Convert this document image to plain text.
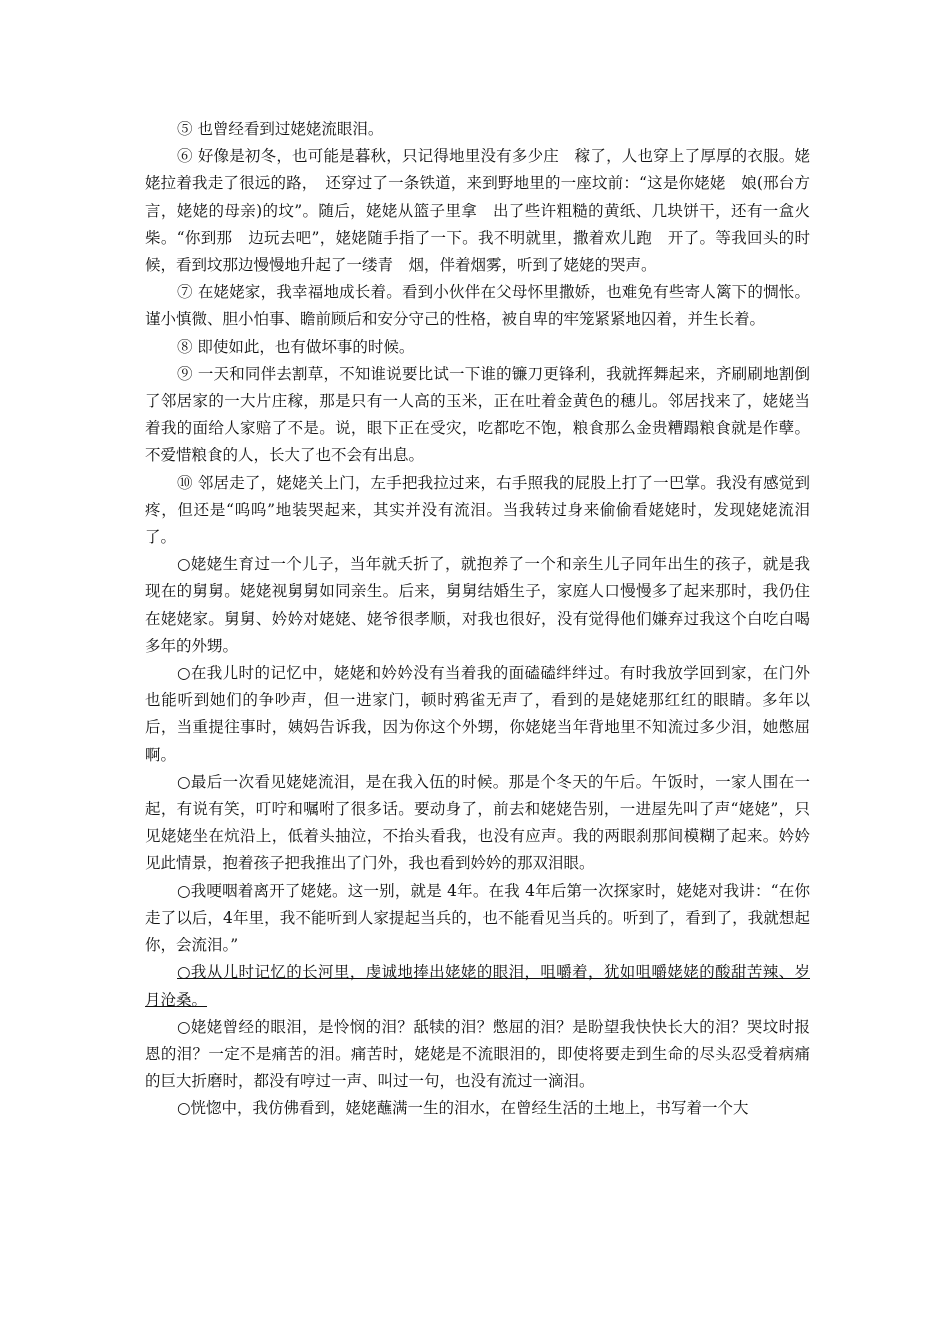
⑤ 也曾经看到过姥姥流眼泪。

⑥ 好像是初冬，也可能是暮秋，只记得地里没有多少庄　稼了，人也穿上了厚厚的衣服。姥姥拉着我走了很远的路，　还穿过了一条铁道，来到野地里的一座坟前：“这是你姥姥　娘(邢台方言，姥姥的母亲)的坟”。随后，姥姥从篮子里拿　出了些许粗糙的黄纸、几块饼干，还有一盒火柴。“你到那　边玩去吧”，姥姥随手指了一下。我不明就里，撒着欢儿跑　开了。等我回头的时候，看到坟那边慢慢地升起了一缕青　烟，伴着烟雾，听到了姥姥的哭声。

⑦ 在姥姥家，我幸福地成长着。看到小伙伴在父母怀里撒娇，也难免有些寄人篱下的惆怅。谨小慎微、胆小怕事、瞻前顾后和安分守己的性格，被自卑的牢笼紧紧地囚着，并生长着。

⑧ 即使如此，也有做坏事的时候。

⑨ 一天和同伴去割草，不知谁说要比试一下谁的镰刀更锋利，我就挥舞起来，齐刷刷地割倒了邻居家的一大片庄稼，那是只有一人高的玉米，正在吐着金黄色的穗儿。邻居找来了，姥姥当着我的面给人家赔了不是。说，眼下正在受灾，吃都吃不饱，粮食那么金贵糟蹋粮食就是作孽。不爱惜粮食的人，长大了也不会有出息。

⑩ 邻居走了，姥姥关上门，左手把我拉过来，右手照我的屁股上打了一巴掌。我没有感觉到疼，但还是“呜呜”地装哭起来，其实并没有流泪。当我转过身来偷偷看姥姥时，发现姥姥流泪了。

○姥姥生育过一个儿子，当年就夭折了，就抱养了一个和亲生儿子同年出生的孩子，就是我现在的舅舅。姥姥视舅舅如同亲生。后来，舅舅结婚生子，家庭人口慢慢多了起来那时，我仍住在姥姥家。舅舅、妗妗对姥姥、姥爷很孝顺，对我也很好，没有觉得他们嫌弃过我这个白吃白喝多年的外甥。

○在我儿时的记忆中，姥姥和妗妗没有当着我的面磕磕绊绊过。有时我放学回到家，在门外也能听到她们的争吵声，但一进家门，顿时鸦雀无声了，看到的是姥姥那红红的眼睛。多年以后，当重提往事时，姨妈告诉我，因为你这个外甥，你姥姥当年背地里不知流过多少泪，她憋屈啊。

○最后一次看见姥姥流泪，是在我入伍的时候。那是个冬天的午后。午饭时，一家人围在一起，有说有笑，叮咛和嘱咐了很多话。要动身了，前去和姥姥告别，一进屋先叫了声“姥姥”，只见姥姥坐在炕沿上，低着头抽泣，不抬头看我，也没有应声。我的两眼刹那间模糊了起来。妗妗见此情景，抱着孩子把我推出了门外，我也看到妗妗的那双泪眼。

○我哽咽着离开了姥姥。这一别，就是 4年。在我 4年后第一次探家时，姥姥对我讲：“在你走了以后，4年里，我不能听到人家提起当兵的，也不能看见当兵的。听到了，看到了，我就想起你，会流泪。”

○我从儿时记忆的长河里，虔诚地捧出姥姥的眼泪，咀嚼着，犹如咀嚼姥姥的酸甜苦辣、岁月沧桑。

○姥姥曾经的眼泪，是怜悯的泪？舐犊的泪？憋屈的泪？是盼望我快快长大的泪？哭坟时报恩的泪？一定不是痛苦的泪。痛苦时，姥姥是不流眼泪的，即使将要走到生命的尽头忍受着病痛的巨大折磨时，都没有哼过一声、叫过一句，也没有流过一滴泪。

○恍惚中，我仿佛看到，姥姥蘸满一生的泪水，在曾经生活的土地上，书写着一个大
